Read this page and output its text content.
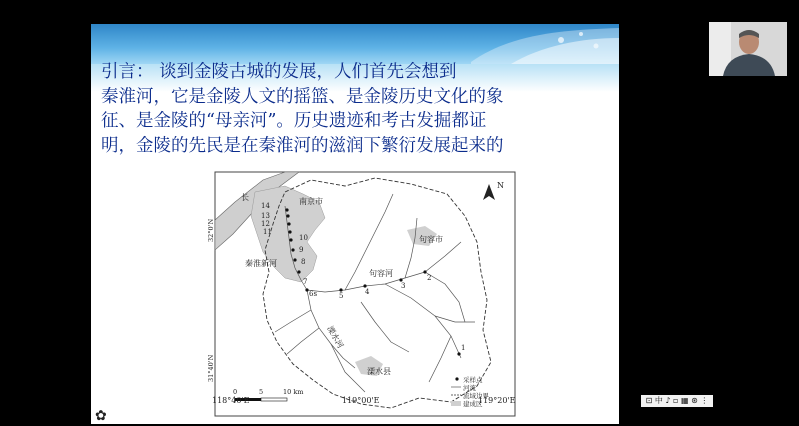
引言： 谈到金陵古城的发展，人们首先会想到
秦淮河，它是金陵人文的摇篮、是金陵历史文化的象
征、是金陵的“母亲河”。历史遗迹和考古发掘都证
明，金陵的先民是在秦淮河的滋润下繁衍发展起来的
14
13
12
11
10
9
8
7
6s	5	4
3
2
1
长	南京市
句容市
句容河
秦淮新河
溧水河
溧水县
32°0'N
31°40'N
N
0	5	10 km
采样点
河流
流域边界
建成区
✿
118°40'E	119°00'E	119°20'E	⊡ 中 ♪ ▫ ▦ ⊛ ⋮
